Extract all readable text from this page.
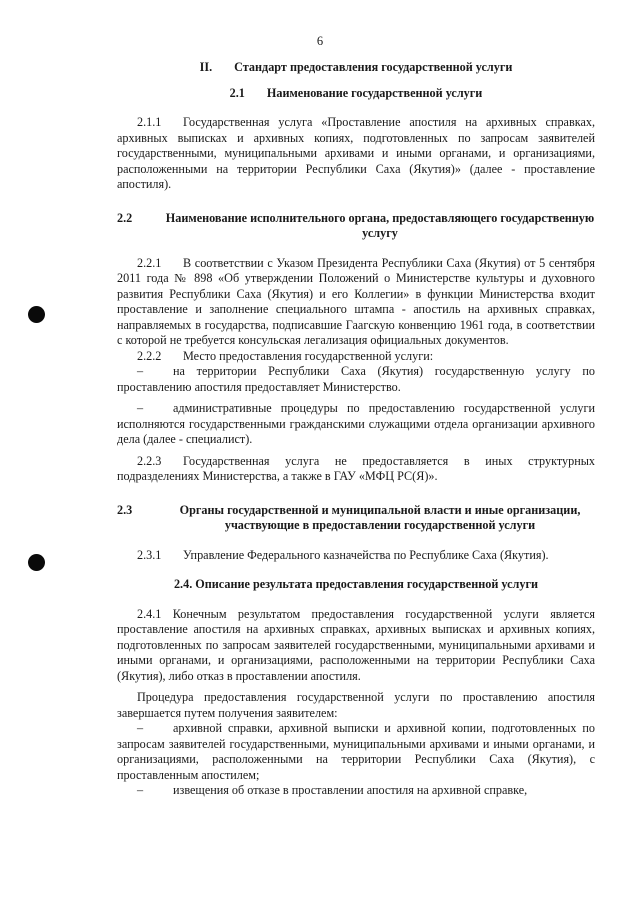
6
II. Стандарт предоставления государственной услуги
2.1 Наименование государственной услуги

2.1.1 Государственная услуга «Проставление апостиля на архивных справках, архивных выписках и архивных копиях, подготовленных по запросам заявителей государственными, муниципальными архивами и иными органами, и организациями, расположенными на территории Республики Саха (Якутия)» (далее - проставление апостиля).

2.2	Наименование исполнительного органа, предоставляющего государственную услугу

2.2.1 В соответствии с Указом Президента Республики Саха (Якутия) от 5 сентября 2011 года № 898 «Об утверждении Положений о Министерстве культуры и духовного развития Республики Саха (Якутия) и его Коллегии» в функции Министерства входит проставление и заполнение специального штампа - апостиль на архивных справках, направляемых в государства, подписавшие Гаагскую конвенцию 1961 года, в соответствии с которой не требуется консульская легализация официальных документов.

2.2.2 Место предоставления государственной услуги:

– на территории Республики Саха (Якутия) государственную услугу по проставлению апостиля предоставляет Министерство.

– административные процедуры по предоставлению государственной услуги исполняются государственными гражданскими служащими отдела организации архивного дела (далее - специалист).

2.2.3 Государственная услуга не предоставляется в иных структурных подразделениях Министерства, а также в ГАУ «МФЦ РС(Я)».

2.3	Органы государственной и муниципальной власти и иные организации, участвующие в предоставлении государственной услуги

2.3.1 Управление Федерального казначейства по Республике Саха (Якутия).

2.4. Описание результата предоставления государственной услуги

2.4.1 Конечным результатом предоставления государственной услуги является проставление апостиля на архивных справках, архивных выписках и архивных копиях, подготовленных по запросам заявителей государственными, муниципальными архивами и иными органами, и организациями, расположенными на территории Республики Саха (Якутия), либо отказ в проставлении апостиля.

Процедура предоставления государственной услуги по проставлению апостиля завершается путем получения заявителем:

– архивной справки, архивной выписки и архивной копии, подготовленных по запросам заявителей государственными, муниципальными архивами и иными органами, и организациями, расположенными на территории Республики Саха (Якутия), с проставленным апостилем;

– извещения об отказе в проставлении апостиля на архивной справке,
